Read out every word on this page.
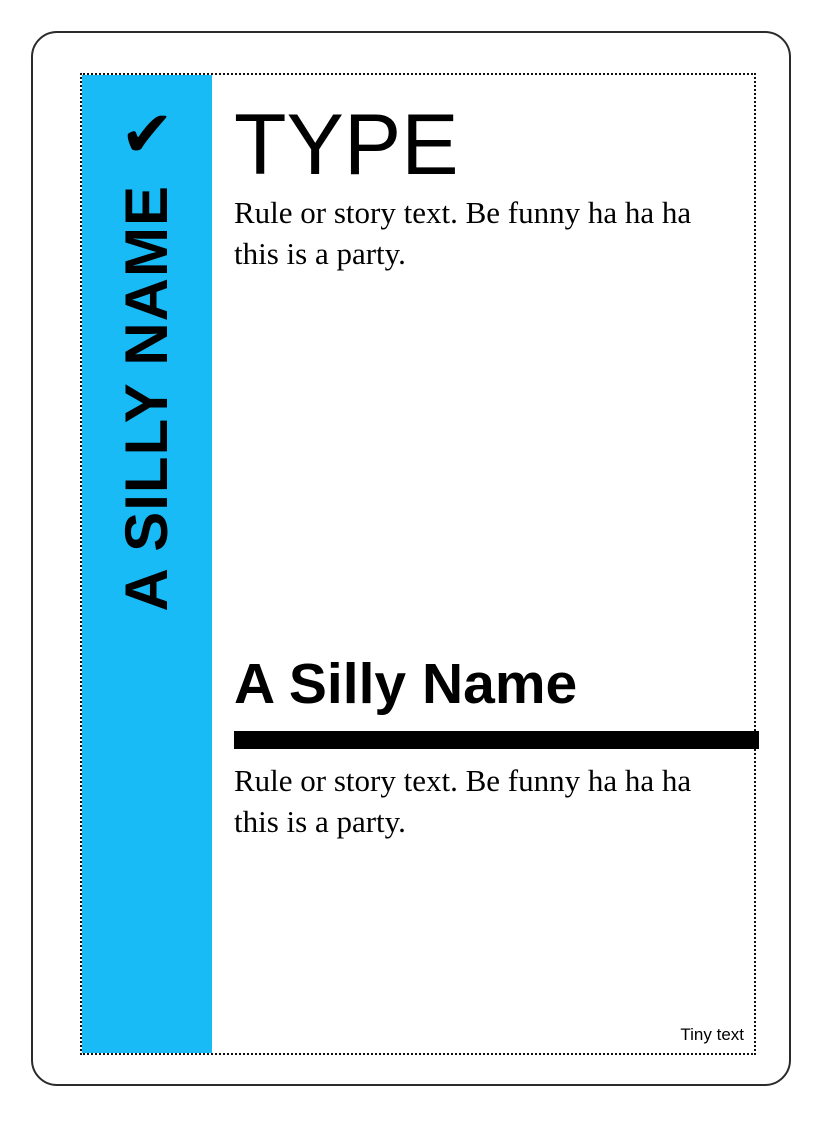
✔
A SILLY NAME
TYPE

Rule or story text. Be funny ha ha ha this is a party.

A Silly Name

Rule or story text. Be funny ha ha ha this is a party.

Tiny text
